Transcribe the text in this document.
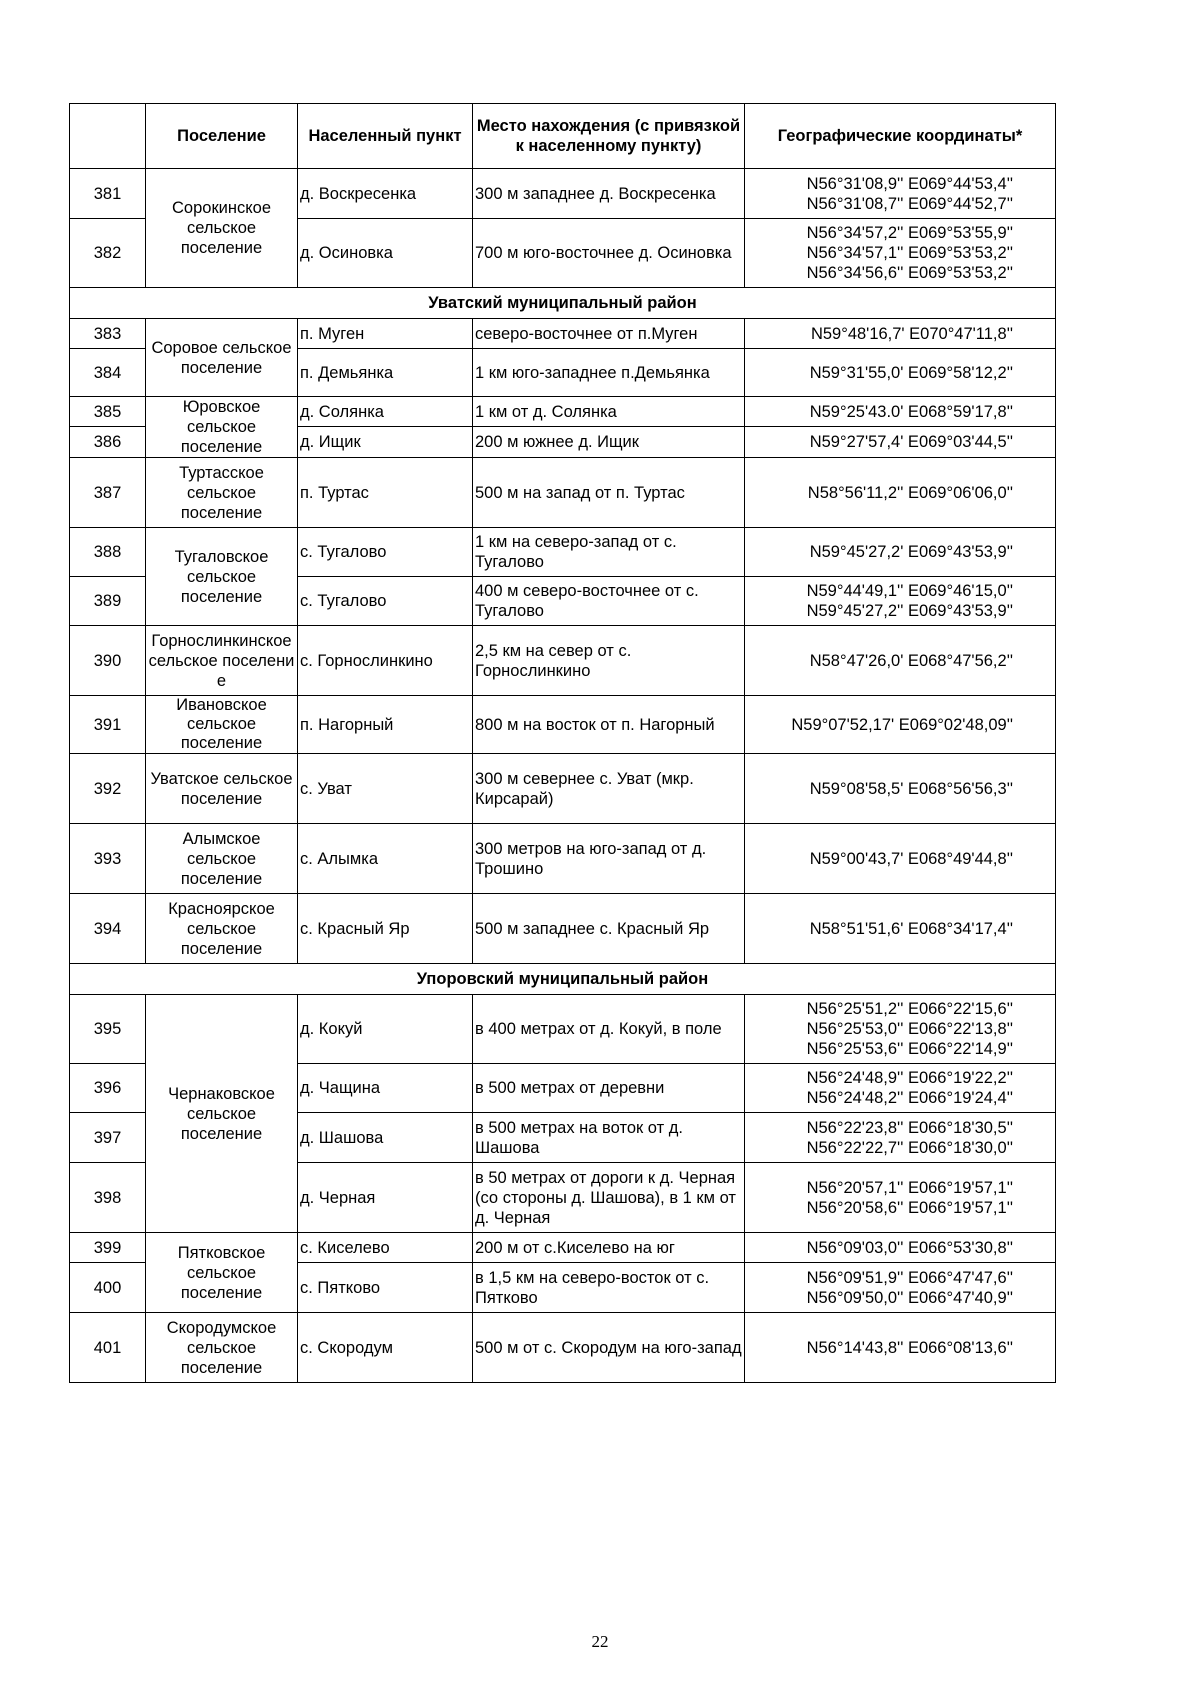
	Поселение	Населенный пункт	Место нахождения (с привязкой к населенному пункту)	Географические координаты*
381	Сорокинское сельское поселение	д. Воскресенка	300 м западнее д. Воскресенка	N56°31'08,9'' E069°44'53,4''
N56°31'08,7'' E069°44'52,7''

382		д. Осиновка	700 м юго-восточнее д. Осиновка	N56°34'57,2'' E069°53'55,9''
N56°34'57,1'' E069°53'53,2''
N56°34'56,6'' E069°53'53,2''

Уватский муниципальный район				
383	Соровое сельское поселение	п. Муген	северо-восточнее от п.Муген	N59°48'16,7' E070°47'11,8''

384		п. Демьянка	1 км юго-западнее п.Демьянка	N59°31'55,0' E069°58'12,2''

385	Юровское сельское поселение	д. Солянка	1 км от д. Солянка	N59°25'43.0' E068°59'17,8''

386		д. Ищик	200 м южнее д. Ищик	N59°27'57,4' E069°03'44,5''

387	Туртасское сельское поселение	п. Туртас	500 м на запад от п. Туртас	N58°56'11,2'' E069°06'06,0''

388	Тугаловское сельское поселение	с. Тугалово	1 км на северо-запад от с. Тугалово	N59°45'27,2' E069°43'53,9''

389		с. Тугалово	400 м северо-восточнее от с. Тугалово	N59°44'49,1'' E069°46'15,0''
N59°45'27,2'' E069°43'53,9''

390	Горнослинкинское сельское поселение	с. Горнослинкино	2,5 км на север от с. Горнослинкино	N58°47'26,0' E068°47'56,2''

391	Ивановское сельское поселение	п. Нагорный	800 м на восток от п. Нагорный	N59°07'52,17' E069°02'48,09''

392	Уватское сельское поселение	с. Уват	300 м севернее с. Уват (мкр. Кирсарай)	N59°08'58,5' E068°56'56,3''

393	Алымское сельское поселение	с. Алымка	300 метров на юго-запад от д. Трошино	N59°00'43,7' E068°49'44,8''

394	Красноярское сельское поселение	с. Красный Яр	500 м западнее с. Красный Яр	N58°51'51,6' E068°34'17,4''

Упоровский муниципальный район				
395	Чернаковское сельское поселение	д. Кокуй	в 400 метрах от д. Кокуй, в поле	N56°25'51,2'' E066°22'15,6''
N56°25'53,0'' E066°22'13,8''
N56°25'53,6'' E066°22'14,9''

396		д. Чащина	в 500 метрах от деревни	N56°24'48,9'' E066°19'22,2''
N56°24'48,2'' E066°19'24,4''

397		д. Шашова	в 500 метрах на воток от д. Шашова	N56°22'23,8'' E066°18'30,5''
N56°22'22,7'' E066°18'30,0''

398		д. Черная	в 50 метрах от дороги к д. Черная (со стороны д. Шашова), в 1 км от д. Черная	N56°20'57,1'' E066°19'57,1''
N56°20'58,6'' E066°19'57,1''

399	Пятковское сельское поселение	с. Киселево	200 м от с.Киселево на юг	N56°09'03,0'' E066°53'30,8''

400		с. Пятково	в 1,5 км на северо-восток от с. Пятково	N56°09'51,9'' E066°47'47,6''
N56°09'50,0'' E066°47'40,9''

401	Скородумское сельское поселение	с. Скородум	500 м от с. Скородум на юго-запад	N56°14'43,8'' E066°08'13,6''
22
